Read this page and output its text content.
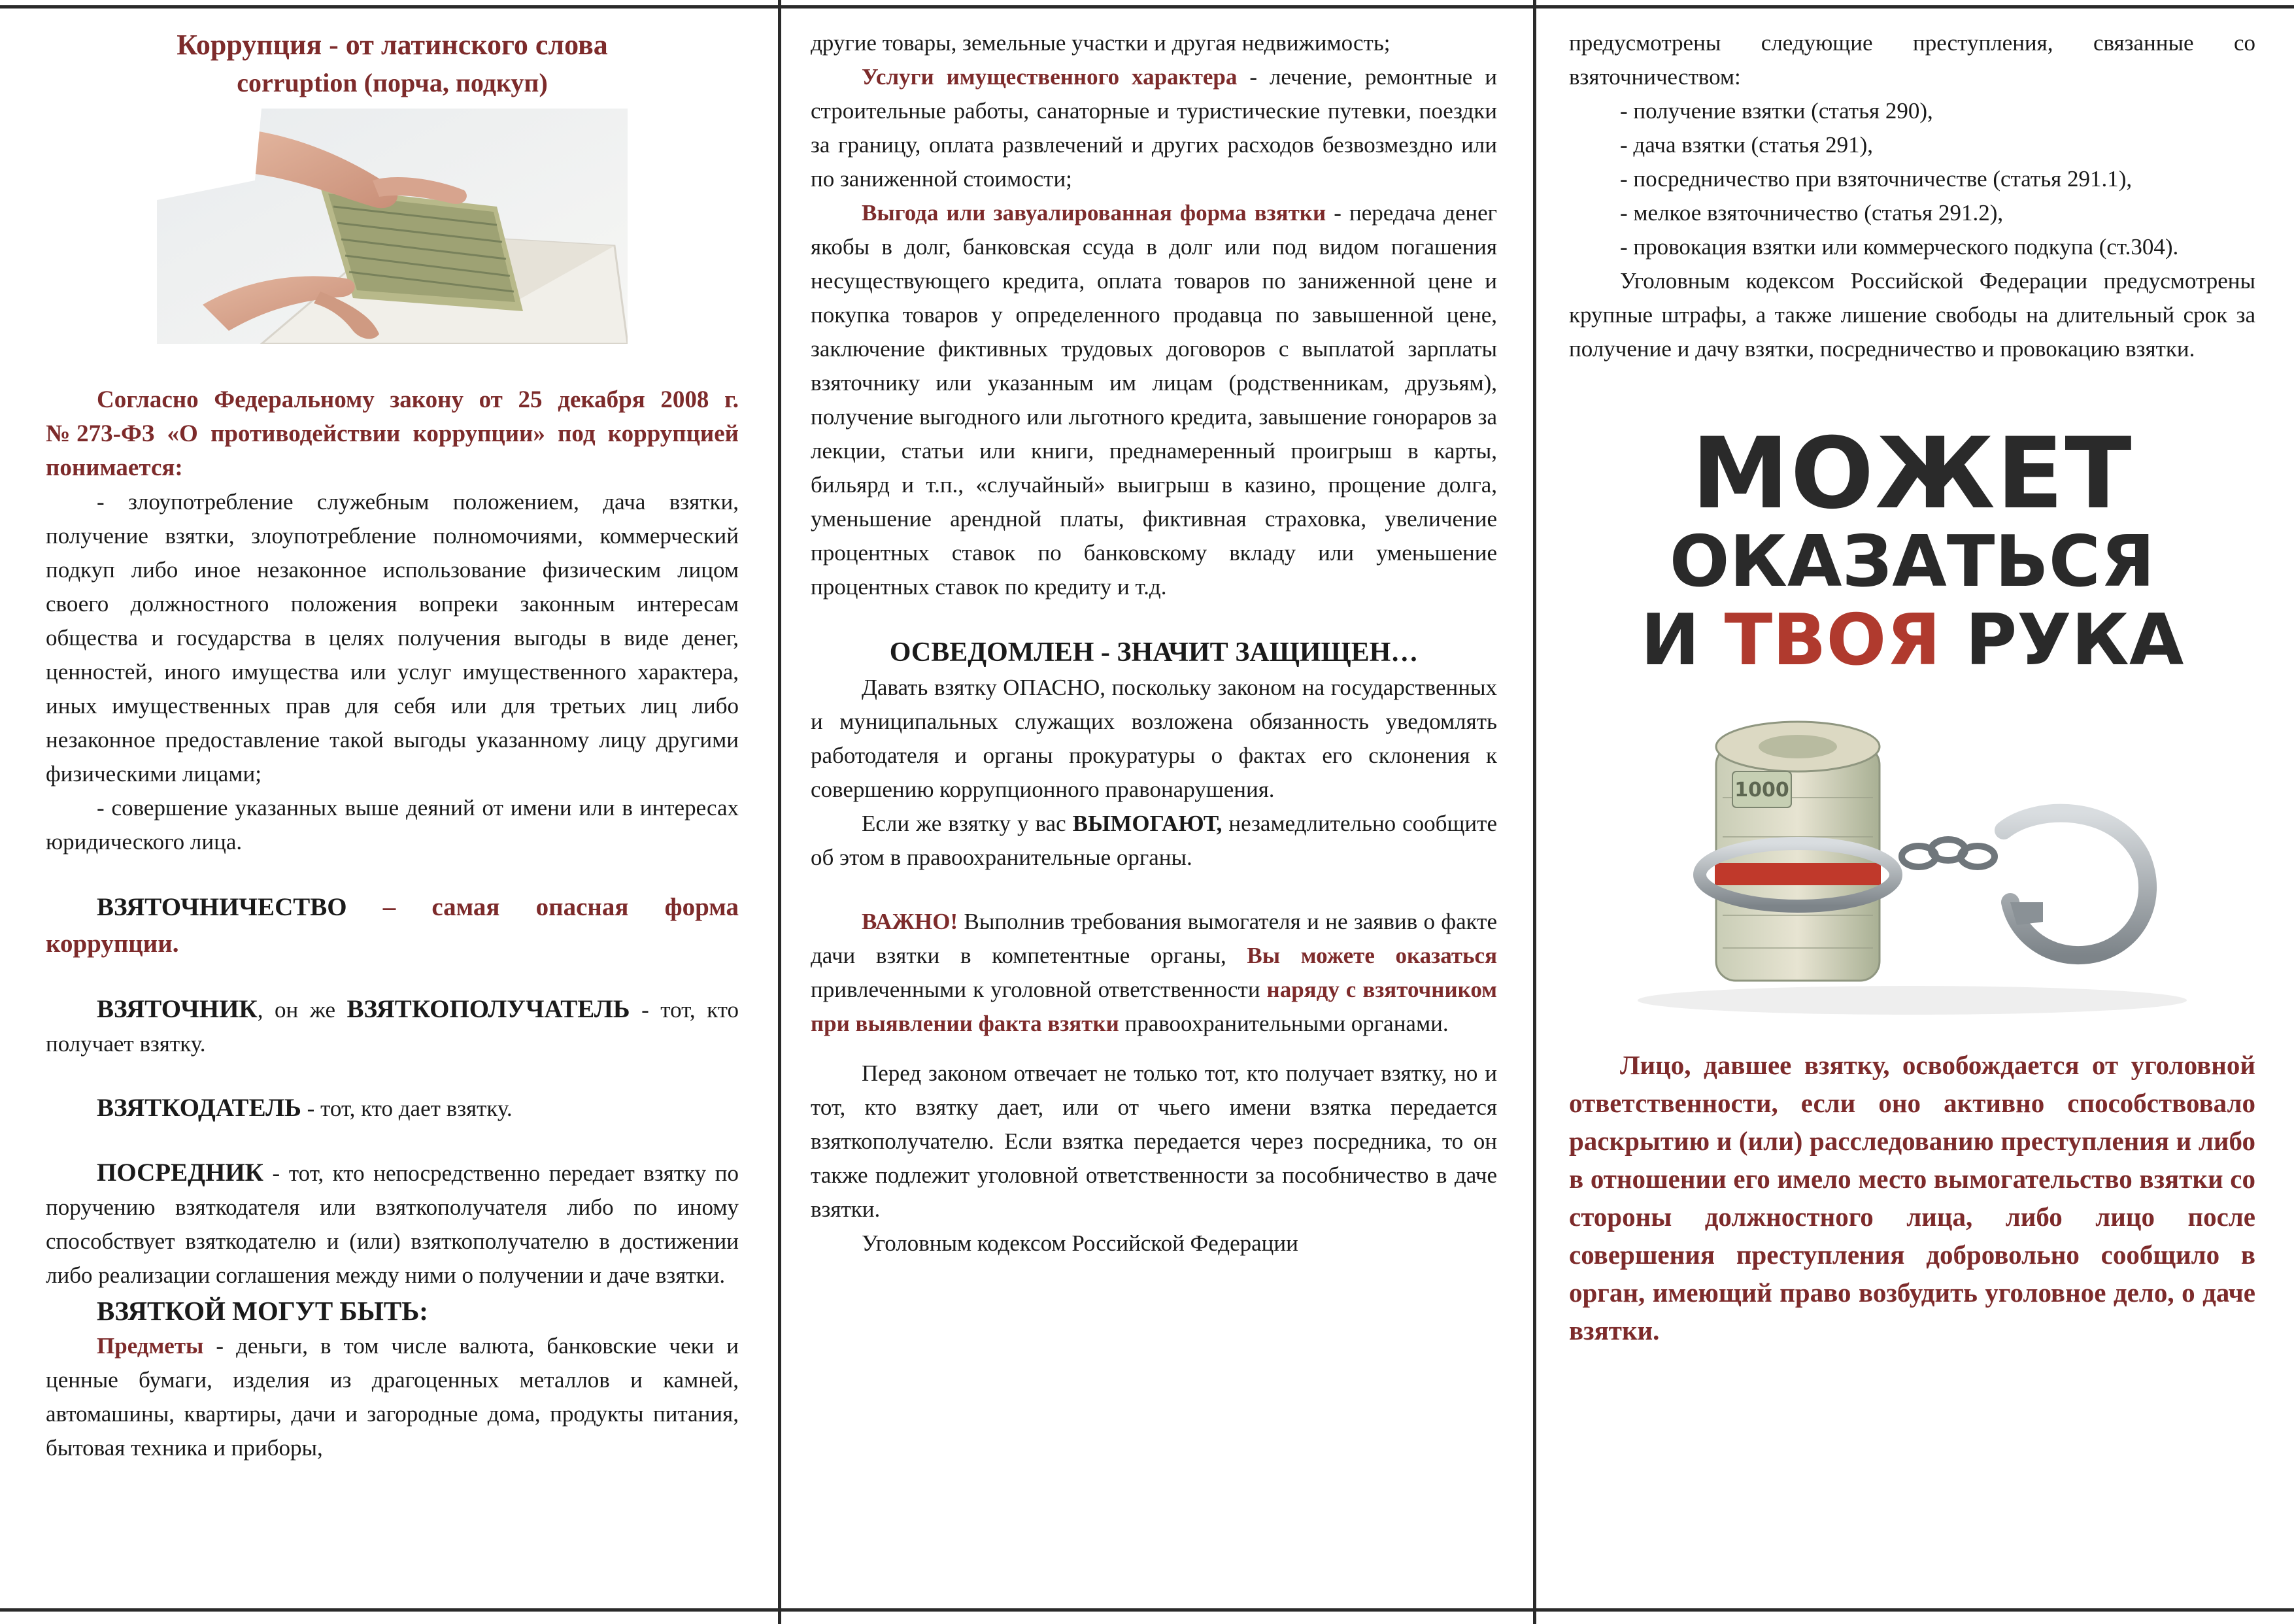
Коррупция - от латинского слова

corruption (порча, подкуп)

Согласно Федеральному закону от 25 декабря 2008 г. №273-ФЗ «О противодействии коррупции» под коррупцией понимается:

- злоупотребление служебным положением, дача взятки, получение взятки, злоупотребление полномочиями, коммерческий подкуп либо иное незаконное использование физическим лицом своего должностного положения вопреки законным интересам общества и государства в целях получения выгоды в виде денег, ценностей, иного имущества или услуг имущественного характера, иных имущественных прав для себя или для третьих лиц либо незаконное предоставление такой выгоды указанному лицу другими физическими лицами;

- совершение указанных выше деяний от имени или в интересах юридического лица.

ВЗЯТОЧНИЧЕСТВО – самая опасная форма коррупции.

ВЗЯТОЧНИК, он же ВЗЯТКОПОЛУЧАТЕЛЬ - тот, кто получает взятку.

ВЗЯТКОДАТЕЛЬ - тот, кто дает взятку.

ПОСРЕДНИК - тот, кто непосредственно передает взятку по поручению взяткодателя или взяткополучателя либо по иному способствует взяткодателю и (или) взяткополучателю в достижении либо реализации соглашения между ними о получении и даче взятки.

ВЗЯТКОЙ МОГУТ БЫТЬ:

Предметы - деньги, в том числе валюта, банковские чеки и ценные бумаги, изделия из драгоценных металлов и камней, автомашины, квартиры, дачи и загородные дома, продукты питания, бытовая техника и приборы,

другие товары, земельные участки и другая недвижимость;

Услуги имущественного характера - лечение, ремонтные и строительные работы, санаторные и туристические путевки, поездки за границу, оплата развлечений и других расходов безвозмездно или по заниженной стоимости;

Выгода или завуалированная форма взятки - передача денег якобы в долг, банковская ссуда в долг или под видом погашения несуществующего кредита, оплата товаров по заниженной цене и покупка товаров у определенного продавца по завышенной цене, заключение фиктивных трудовых договоров с выплатой зарплаты взяточнику или указанным им лицам (родственникам, друзьям), получение выгодного или льготного кредита, завышение гонораров за лекции, статьи или книги, преднамеренный проигрыш в карты, бильярд и т.п., «случайный» выигрыш в казино, прощение долга, уменьшение арендной платы, фиктивная страховка, увеличение процентных ставок по банковскому вкладу или уменьшение процентных ставок по кредиту и т.д.

ОСВЕДОМЛЕН - ЗНАЧИТ ЗАЩИЩЕН…

Давать взятку ОПАСНО, поскольку законом на государственных и муниципальных служащих возложена обязанность уведомлять работодателя и органы прокуратуры о фактах его склонения к совершению коррупционного правонарушения.

Если же взятку у вас ВЫМОГАЮТ, незамедлительно сообщите об этом в правоохранительные органы.

ВАЖНО! Выполнив требования вымогателя и не заявив о факте дачи взятки в компетентные органы, Вы можете оказаться привлеченными к уголовной ответственности наряду с взяточником при выявлении факта взятки правоохранительными органами.

Перед законом отвечает не только тот, кто получает взятку, но и тот, кто взятку дает, или от чьего имени взятка передается взяткополучателю. Если взятка передается через посредника, то он также подлежит уголовной ответственности за пособничество в даче взятки.

Уголовным кодексом Российской Федерации

предусмотрены следующие преступления, связанные со взяточничеством:

- получение взятки (статья 290),

- дача взятки (статья 291),

- посредничество при взяточничестве (статья 291.1),

- мелкое взяточничество (статья 291.2),

- провокация взятки или коммерческого подкупа (ст.304).

Уголовным кодексом Российской Федерации предусмотрены крупные штрафы, а также лишение свободы на длительный срок за получение и дачу взятки, посредничество и провокацию взятки.

МОЖЕТ
ОКАЗАТЬСЯ
И ТВОЯ РУКА
1000

Лицо, давшее взятку, освобождается от уголовной ответственности, если оно активно способствовало раскрытию и (или) расследованию преступления и либо в отношении его имело место вымогательство взятки со стороны должностного лица, либо лицо после совершения преступления добровольно сообщило в орган, имеющий право возбудить уголовное дело, о даче взятки.
